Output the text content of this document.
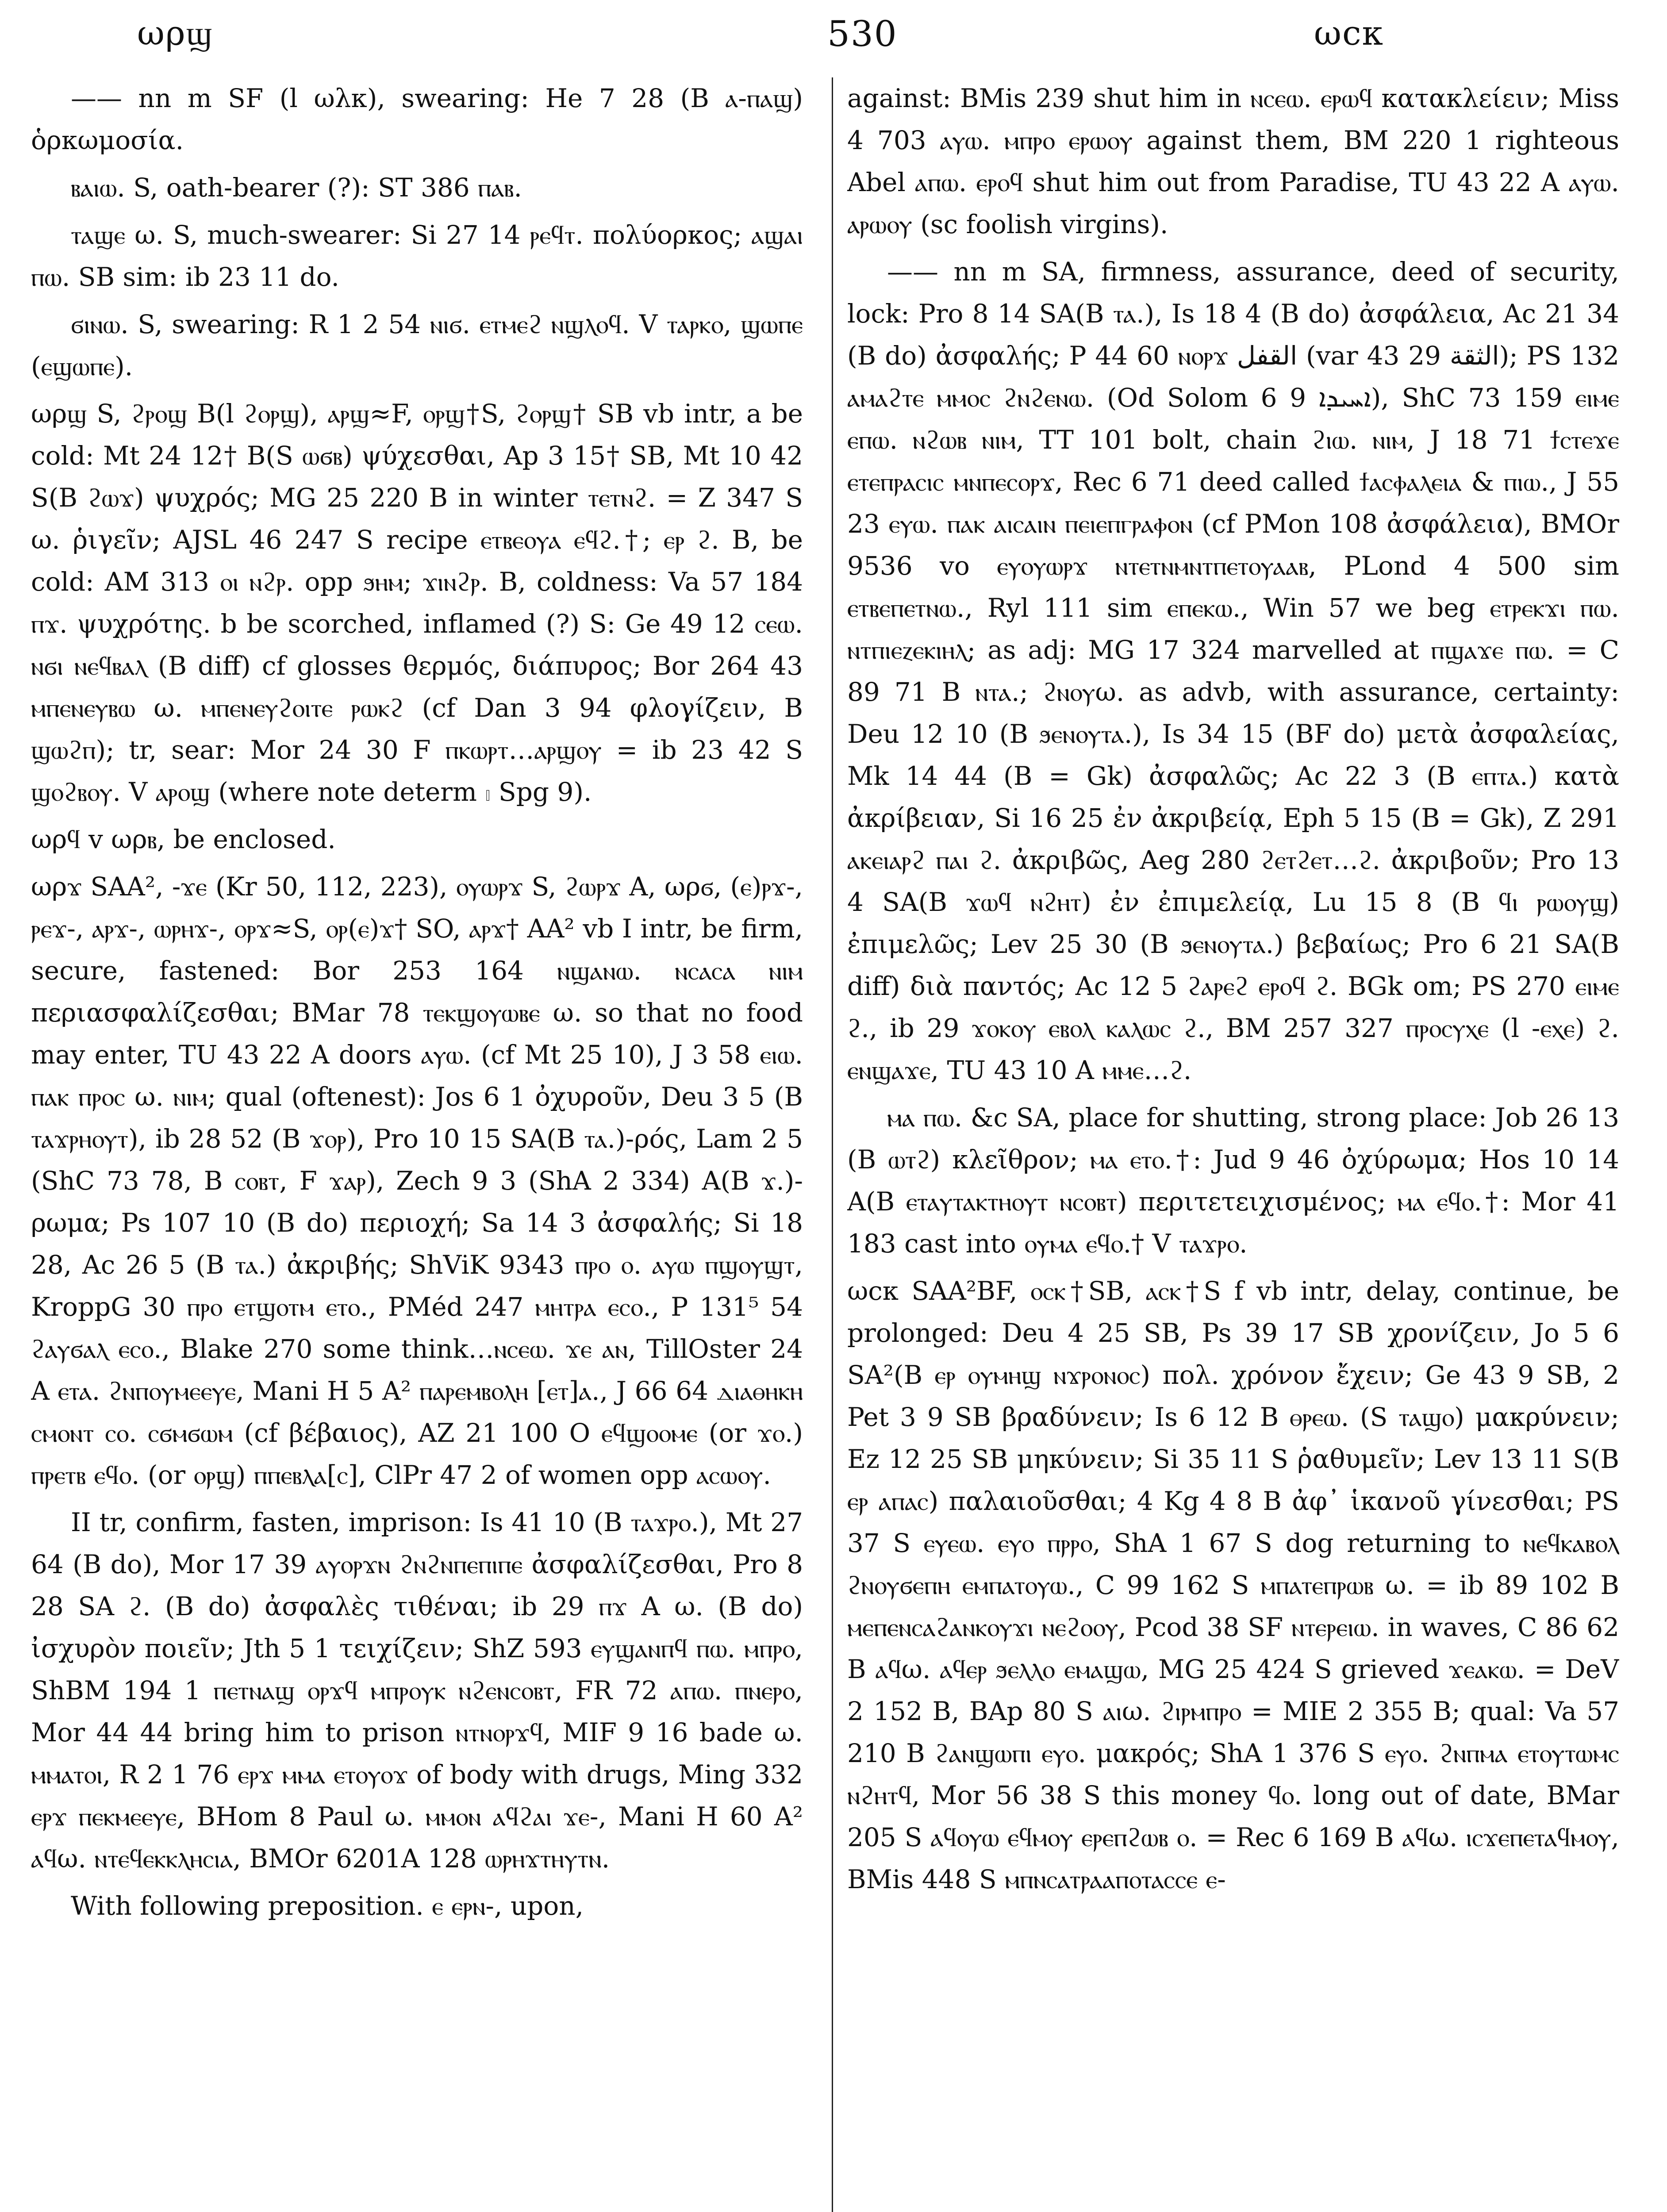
ωρϣ	530	ωcκ

—— nn m SF (l ωλκ), swearing: He 7 28 (B ⲁ-ⲡⲁϣ) ὁρκωμοσία.

ⲃⲁⲓⲱ. S, oath-bearer (?): ST 386 ⲡⲁⲃ.

ⲧⲁϣⲉ ω. S, much-swearer: Si 27 14 ⲣⲉϥⲧ. πολύορκος; ⲁϣⲁⲓ ⲡⲱ. SB sim: ib 23 11 do.

ϭⲓⲛⲱ. S, swearing: R 1 2 54 ⲛⲓϭ. ⲉⲧⲙⲉϩ ⲛϣⲗⲟϥ. V ⲧⲁⲣⲕⲟ, ϣⲱⲡⲉ (ⲉϣⲱⲡⲉ).

ωρϣ S, ϩⲣⲟϣ B(l ϩⲟⲣϣ), ⲁⲣϣ≈F, ⲟⲣϣ†S, ϩⲟⲣϣ† SB vb intr, a be cold: Mt 24 12† B(S ⲱϭⲃ) ψύχεσθαι, Ap 3 15† SB, Mt 10 42 S(B ϩⲱϫ) ψυχρός; MG 25 220 B in winter ⲧⲉⲧⲛϩ. = Z 347 S ω. ῥιγεῖν; AJSL 46 247 S recipe ⲉⲧⲃⲉⲟⲩⲁ ⲉϥϩ.†; ⲉⲣ ϩ. B, be cold: AM 313 ⲟⲓ ⲛϩⲣ. opp ϧⲏⲙ; ϫⲓⲛϩⲣ. B, coldness: Va 57 184 ⲡϫ. ψυχρότης. b be scorched, inflamed (?) S: Ge 49 12 ⲥⲉⲱ. ⲛϭⲓ ⲛⲉϥⲃⲁⲗ (B diff) cf glosses θερμός, διάπυρος; Bor 264 43 ⲙⲡⲉⲛⲉⲩⲃⲱ ω. ⲙⲡⲉⲛⲉⲩϩⲟⲓⲧⲉ ⲣⲱⲕϩ (cf Dan 3 94 φλογίζειν, B ϣⲱϩⲡ); tr, sear: Mor 24 30 F ⲡⲕⲱⲣⲧ…ⲁⲣϣⲟⲩ = ib 23 42 S ϣⲟϩⲃⲟⲩ. V ⲁⲣⲟϣ (where note determ 𓏤 Spg 9).

ωρϥ v ωρⲃ, be enclosed.

ωρϫ SAA², -ϫⲉ (Kr 50, 112, 223), ⲟⲩⲱⲣϫ S, ϩⲱⲣϫ A, ωρϭ, (ⲉ)ⲣϫ-, ⲣⲉϫ-, ⲁⲣϫ-, ⲱⲣⲏϫ-, ⲟⲣϫ≈S, ⲟⲣ(ⲉ)ϫ† SO, ⲁⲣϫ† AA² vb I intr, be firm, secure, fastened: Bor 253 164 ⲛϣⲁⲛⲱ. ⲛⲥⲁⲥⲁ ⲛⲓⲙ περιασφαλίζεσθαι; BMar 78 ⲧⲉⲕϣⲟⲩⲱⲃⲉ ω. so that no food may enter, TU 43 22 A doors ⲁⲩⲱ. (cf Mt 25 10), J 3 58 ⲉⲓⲱ. ⲡⲁⲕ ⲡⲣⲟⲥ ω. ⲛⲓⲙ; qual (oftenest): Jos 6 1 ὀχυροῦν, Deu 3 5 (B ⲧⲁϫⲣⲏⲟⲩⲧ), ib 28 52 (B ϫⲟⲣ), Pro 10 15 SA(B ⲧⲁ.)-ρός, Lam 2 5 (ShC 73 78, B ⲥⲟⲃⲧ, F ϫⲁⲣ), Zech 9 3 (ShA 2 334) A(B ϫ.)-ρωμα; Ps 107 10 (B do) περιοχή; Sa 14 3 ἀσφαλής; Si 18 28, Ac 26 5 (B ⲧⲁ.) ἀκριβής; ShViK 9343 ⲡⲣⲟ ⲟ. ⲁⲩⲱ ⲡϣⲟⲩϣⲧ, KroppG 30 ⲡⲣⲟ ⲉⲧϣⲟⲧⲙ ⲉⲧⲟ., PMéd 247 ⲙⲏⲧⲣⲁ ⲉⲥⲟ., P 131⁵ 54 ϩⲁⲩϭⲁⲗ ⲉⲥⲟ., Blake 270 some think…ⲛⲥⲉⲱ. ϫⲉ ⲁⲛ, TillOster 24 A ⲉⲧⲁ. ϩⲛⲡⲟⲩⲙⲉⲉⲩⲉ, Mani H 5 A² ⲡⲁⲣⲉⲙⲃⲟⲗⲏ [ⲉⲧ]ⲁ., J 66 64 ⲇⲓⲁⲑⲏⲕⲏ ⲥⲙⲟⲛⲧ ⲥⲟ. ⲥϭⲙϭⲱⲙ (cf βέβαιος), AZ 21 100 O ⲉϥϣⲟⲟⲙⲉ (or ϫⲟ.) ⲡⲣⲉⲧⲃ ⲉϥⲟ. (or ⲟⲣϣ) ⲡⲡⲉⲃⲗⲁ[ⲥ], ClPr 47 2 of women opp ⲁⲥⲱⲟⲩ.

II tr, confirm, fasten, imprison: Is 41 10 (B ⲧⲁϫⲣⲟ.), Mt 27 64 (B do), Mor 17 39 ⲁⲩⲟⲣϫⲛ ϩⲛϩⲛⲡⲉⲡⲓⲡⲉ ἀσφαλίζεσθαι, Pro 8 28 SA ϩ. (B do) ἀσφαλὲς τιθέναι; ib 29 ⲡϫ A ω. (B do) ἰσχυρὸν ποιεῖν; Jth 5 1 τειχίζειν; ShZ 593 ⲉⲩϣⲁⲛⲡϥ ⲡⲱ. ⲙⲡⲣⲟ, ShBM 194 1 ⲡⲉⲧⲛⲁϣ ⲟⲣϫϥ ⲙⲡⲣⲟⲩⲕ ⲛϩⲉⲛⲥⲟⲃⲧ, FR 72 ⲁⲡⲱ. ⲡⲛⲉⲣⲟ, Mor 44 44 bring him to prison ⲛⲧⲛⲟⲣϫϥ, MIF 9 16 bade ω. ⲙⲙⲁⲧⲟⲓ, R 2 1 76 ⲉⲣϫ ⲙⲙⲁ ⲉⲧⲟⲩⲟϫ of body with drugs, Ming 332 ⲉⲣϫ ⲡⲉⲕⲙⲉⲉⲩⲉ, BHom 8 Paul ω. ⲙⲙⲟⲛ ⲁϥϩⲁⲓ ϫⲉ-, Mani H 60 A² ⲁϥω. ⲛⲧⲉϥⲉⲕⲕⲗⲏⲥⲓⲁ, BMOr 6201A 128 ⲱⲣⲏϫⲧⲏⲩⲧⲛ.

With following preposition. ⲉ ⲉⲣⲛ-, upon,

against: BMis 239 shut him in ⲛⲥⲉⲱ. ⲉⲣⲱϥ κατακλείειν; Miss 4 703 ⲁⲩⲱ. ⲙⲡⲣⲟ ⲉⲣⲱⲟⲩ against them, BM 220 1 righteous Abel ⲁⲡⲱ. ⲉⲣⲟϥ shut him out from Paradise, TU 43 22 A ⲁⲩⲱ. ⲁⲣⲱⲟⲩ (sc foolish virgins).

—— nn m SA, firmness, assurance, deed of security, lock: Pro 8 14 SA(B ⲧⲁ.), Is 18 4 (B do) ἀσφάλεια, Ac 21 34 (B do) ἀσφαλής; P 44 60 ⲛⲟⲣϫ القفل (var 43 29 الثقة); PS 132 ⲁⲙⲁϩⲧⲉ ⲙⲙⲟⲥ ϩⲛϩⲉⲛⲱ. (Od Solom 6 9 ܐܚܝܕܐ), ShC 73 159 ⲉⲓⲙⲉ ⲉⲡⲱ. ⲛϩⲱⲃ ⲛⲓⲙ, TT 101 bolt, chain ϩⲓⲱ. ⲛⲓⲙ, J 18 71 ϯⲥⲧⲉϫⲉ ⲉⲧⲉⲡⲣⲁⲥⲓⲥ ⲙⲛⲡⲉⲥⲟⲣϫ, Rec 6 71 deed called ϯⲁⲥⲫⲁⲗⲉⲓⲁ & ⲡⲓⲱ., J 55 23 ⲉⲩⲱ. ⲡⲁⲕ ⲁⲓⲥⲁⲓⲛ ⲡⲉⲓⲉⲡⲅⲣⲁⲫⲟⲛ (cf PMon 108 ἀσφάλεια), BMOr 9536 vo ⲉⲩⲟⲩⲱⲣϫ ⲛⲧⲉⲧⲛⲙⲛⲧⲡⲉⲧⲟⲩⲁⲁⲃ, PLond 4 500 sim ⲉⲧⲃⲉⲡⲉⲧⲛⲱ., Ryl 111 sim ⲉⲡⲉⲕⲱ., Win 57 we beg ⲉⲧⲣⲉⲕϫⲓ ⲡⲱ. ⲛⲧⲡⲓⲉⲍⲉⲕⲓⲏⲗ; as adj: MG 17 324 marvelled at ⲡϣⲁϫⲉ ⲡⲱ. = C 89 71 B ⲛⲧⲁ.; ϩⲛⲟⲩω. as advb, with assurance, certainty: Deu 12 10 (B ϧⲉⲛⲟⲩⲧⲁ.), Is 34 15 (BF do) μετὰ ἀσφαλείας, Mk 14 44 (B = Gk) ἀσφαλῶς; Ac 22 3 (B ⲉⲡⲧⲁ.) κατὰ ἀκρίβειαν, Si 16 25 ἐν ἀκριβείᾳ, Eph 5 15 (B = Gk), Z 291 ⲁⲕⲉⲓⲁⲣϩ ⲡⲁⲓ ϩ. ἀκριβῶς, Aeg 280 ϩⲉⲧϩⲉⲧ…ϩ. ἀκριβοῦν; Pro 13 4 SA(B ϫⲱϥ ⲛϩⲏⲧ) ἐν ἐπιμελείᾳ, Lu 15 8 (B ϥⲓ ⲣⲱⲟⲩϣ) ἐπιμελῶς; Lev 25 30 (B ϧⲉⲛⲟⲩⲧⲁ.) βεβαίως; Pro 6 21 SA(B diff) διὰ παντός; Ac 12 5 ϩⲁⲣⲉϩ ⲉⲣⲟϥ ϩ. BGk om; PS 270 ⲉⲓⲙⲉ ϩ., ib 29 ϫⲟⲕⲟⲩ ⲉⲃⲟⲗ ⲕⲁⲗⲱⲥ ϩ., BM 257 327 ⲡⲣⲟⲥⲩⲭⲉ (l -ⲉⲭⲉ) ϩ. ⲉⲛϣⲁϫⲉ, TU 43 10 A ⲙⲙⲉ…ϩ.

ⲙⲁ ⲡⲱ. &c SA, place for shutting, strong place: Job 26 13 (B ⲱⲧϩ) κλεῖθρον; ⲙⲁ ⲉⲧⲟ.†: Jud 9 46 ὀχύρωμα; Hos 10 14 A(B ⲉⲧⲁⲩⲧⲁⲕⲧⲏⲟⲩⲧ ⲛⲥⲟⲃⲧ) περιτετειχισμένος; ⲙⲁ ⲉϥⲟ.†: Mor 41 183 cast into ⲟⲩⲙⲁ ⲉϥⲟ.† V ⲧⲁϫⲣⲟ.

ωcκ SAA²BF, ⲟⲥⲕ†SB, ⲁⲥⲕ†S f vb intr, delay, continue, be prolonged: Deu 4 25 SB, Ps 39 17 SB χρονίζειν, Jo 5 6 SA²(B ⲉⲣ ⲟⲩⲙⲏϣ ⲛϫⲣⲟⲛⲟⲥ) πολ. χρόνον ἔχειν; Ge 43 9 SB, 2 Pet 3 9 SB βραδύνειν; Is 6 12 B ⲑⲣⲉⲱ. (S ⲧⲁϣⲟ) μακρύνειν; Ez 12 25 SB μηκύνειν; Si 35 11 S ῥαθυμεῖν; Lev 13 11 S(B ⲉⲣ ⲁⲡⲁⲥ) παλαιοῦσθαι; 4 Kg 4 8 B ἀφ᾽ ἱκανοῦ γίνεσθαι; PS 37 S ⲉⲩⲉⲱ. ⲉⲩⲟ ⲡⲣⲣⲟ, ShA 1 67 S dog returning to ⲛⲉϥⲕⲁⲃⲟⲗ ϩⲛⲟⲩϭⲉⲡⲏ ⲉⲙⲡⲁⲧⲟⲩⲱ., C 99 162 S ⲙⲡⲁⲧⲉⲡⲣⲱⲃ ω. = ib 89 102 B ⲙⲉⲡⲉⲛⲥⲁϩⲁⲛⲕⲟⲩϫⲓ ⲛⲉϩⲟⲟⲩ, Pcod 38 SF ⲛⲧⲉⲣⲉⲓⲱ. in waves, C 86 62 B ⲁϥω. ⲁϥⲉⲣ ϧⲉⲗⲗⲟ ⲉⲙⲁϣⲱ, MG 25 424 S grieved ϫⲉⲁⲕⲱ. = DeV 2 152 B, BAp 80 S ⲁⲓω. ϩⲓⲣⲙⲡⲣⲟ = MIE 2 355 B; qual: Va 57 210 B ϩⲁⲛϣⲱⲡⲓ ⲉⲩⲟ. μακρός; ShA 1 376 S ⲉⲩⲟ. ϩⲛⲡⲙⲁ ⲉⲧⲟⲩⲧⲱⲙⲥ ⲛϩⲏⲧϥ, Mor 56 38 S this money ϥⲟ. long out of date, BMar 205 S ⲁϥⲟⲩⲱ ⲉϥⲙⲟⲩ ⲉⲣⲉⲡϩⲱⲃ ⲟ. = Rec 6 169 B ⲁϥω. ⲓⲥϫⲉⲡⲉⲧⲁϥⲙⲟⲩ, BMis 448 S ⲙⲡⲛⲥⲁⲧⲣⲁⲁⲡⲟⲧⲁⲥⲥⲉ ⲉ-
